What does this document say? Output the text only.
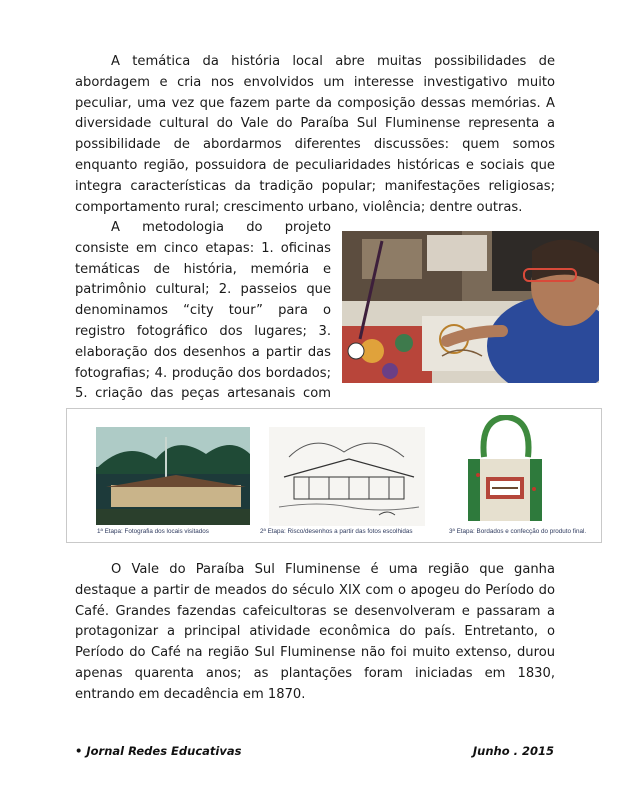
A temática da história local abre muitas possibilidades de abordagem e cria nos envolvidos um interesse investigativo muito peculiar, uma vez que fazem parte da composição dessas memórias. A diversidade cultural do Vale do Paraíba Sul Fluminense representa a possibilidade de abordarmos diferentes discussões: quem somos enquanto região, possuidora de peculiaridades históricas e sociais que integra características da tradição popular; manifestações religiosas; comportamento rural; crescimento urbano, violência; dentre outras.

A metodologia do projeto consiste em cinco etapas: 1. oficinas temáticas de história, memória e patrimônio cultural; 2. passeios que denominamos “city tour” para o registro fotográfico dos lugares; 3. elaboração dos desenhos a partir das fotografias; 4. produção dos bordados; 5. criação das peças artesanais com

1ª Etapa: Fotografia dos locais visitados	2ª Etapa: Risco/desenhos a partir das fotos escolhidas	3ª Etapa: Bordados e confecção do produto final.

O Vale do Paraíba Sul Fluminense é uma região que ganha destaque a partir de meados do século XIX com o apogeu do Período do Café. Grandes fazendas cafeicultoras se desenvolveram e passaram a protagonizar a principal atividade econômica do país. Entretanto, o Período do Café na região Sul Fluminense não foi muito extenso, durou apenas quarenta anos; as plantações foram iniciadas em 1830, entrando em decadência em 1870.

• Jornal Redes Educativas	Junho . 2015
